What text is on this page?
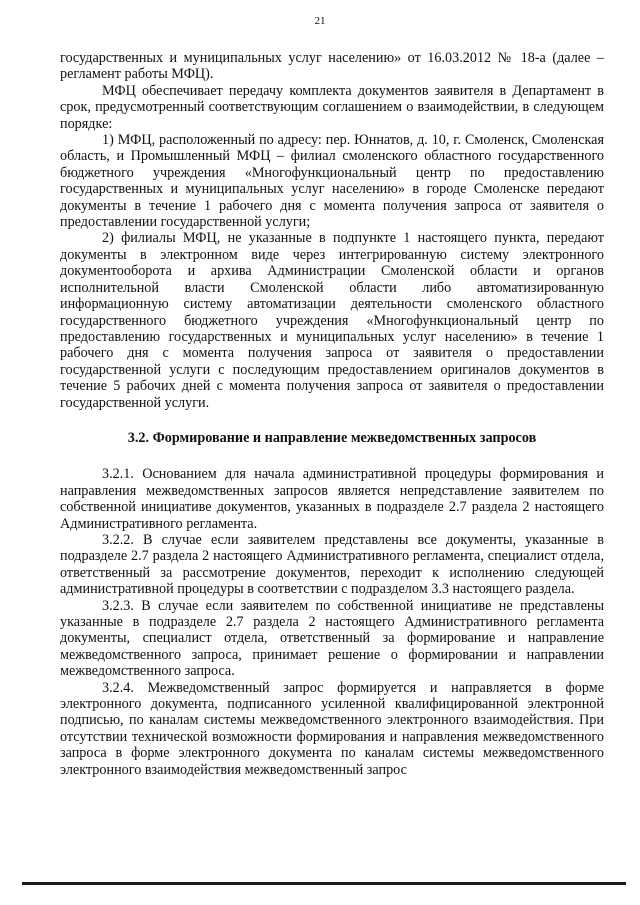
21

государственных и муниципальных услуг населению» от 16.03.2012 № 18-а (далее – регламент работы МФЦ).

МФЦ обеспечивает передачу комплекта документов заявителя в Департамент в срок, предусмотренный соответствующим соглашением о взаимодействии, в следующем порядке:

1) МФЦ, расположенный по адресу: пер. Юннатов, д. 10, г. Смоленск, Смоленская область, и Промышленный МФЦ – филиал смоленского областного государственного бюджетного учреждения «Многофункциональный центр по предоставлению государственных и муниципальных услуг населению» в городе Смоленске передают документы в течение 1 рабочего дня с момента получения запроса от заявителя о предоставлении государственной услуги;

2) филиалы МФЦ, не указанные в подпункте 1 настоящего пункта, передают документы в электронном виде через интегрированную систему электронного документооборота и архива Администрации Смоленской области и органов исполнительной власти Смоленской области либо автоматизированную информационную систему автоматизации деятельности смоленского областного государственного бюджетного учреждения «Многофункциональный центр по предоставлению государственных и муниципальных услуг населению» в течение 1 рабочего дня с момента получения запроса от заявителя о предоставлении государственной услуги с последующим предоставлением оригиналов документов в течение 5 рабочих дней с момента получения запроса от заявителя о предоставлении государственной услуги.

3.2. Формирование и направление межведомственных запросов

3.2.1. Основанием для начала административной процедуры формирования и направления межведомственных запросов является непредставление заявителем по собственной инициативе документов, указанных в подразделе 2.7 раздела 2 настоящего Административного регламента.

3.2.2. В случае если заявителем представлены все документы, указанные в подразделе 2.7 раздела 2 настоящего Административного регламента, специалист отдела, ответственный за рассмотрение документов, переходит к исполнению следующей административной процедуры в соответствии с подразделом 3.3 настоящего раздела.

3.2.3. В случае если заявителем по собственной инициативе не представлены указанные в подразделе 2.7 раздела 2 настоящего Административного регламента документы, специалист отдела, ответственный за формирование и направление межведомственного запроса, принимает решение о формировании и направлении межведомственного запроса.

3.2.4. Межведомственный запрос формируется и направляется в форме электронного документа, подписанного усиленной квалифицированной электронной подписью, по каналам системы межведомственного электронного взаимодействия. При отсутствии технической возможности формирования и направления межведомственного запроса в форме электронного документа по каналам системы межведомственного электронного взаимодействия межведомственный запрос
